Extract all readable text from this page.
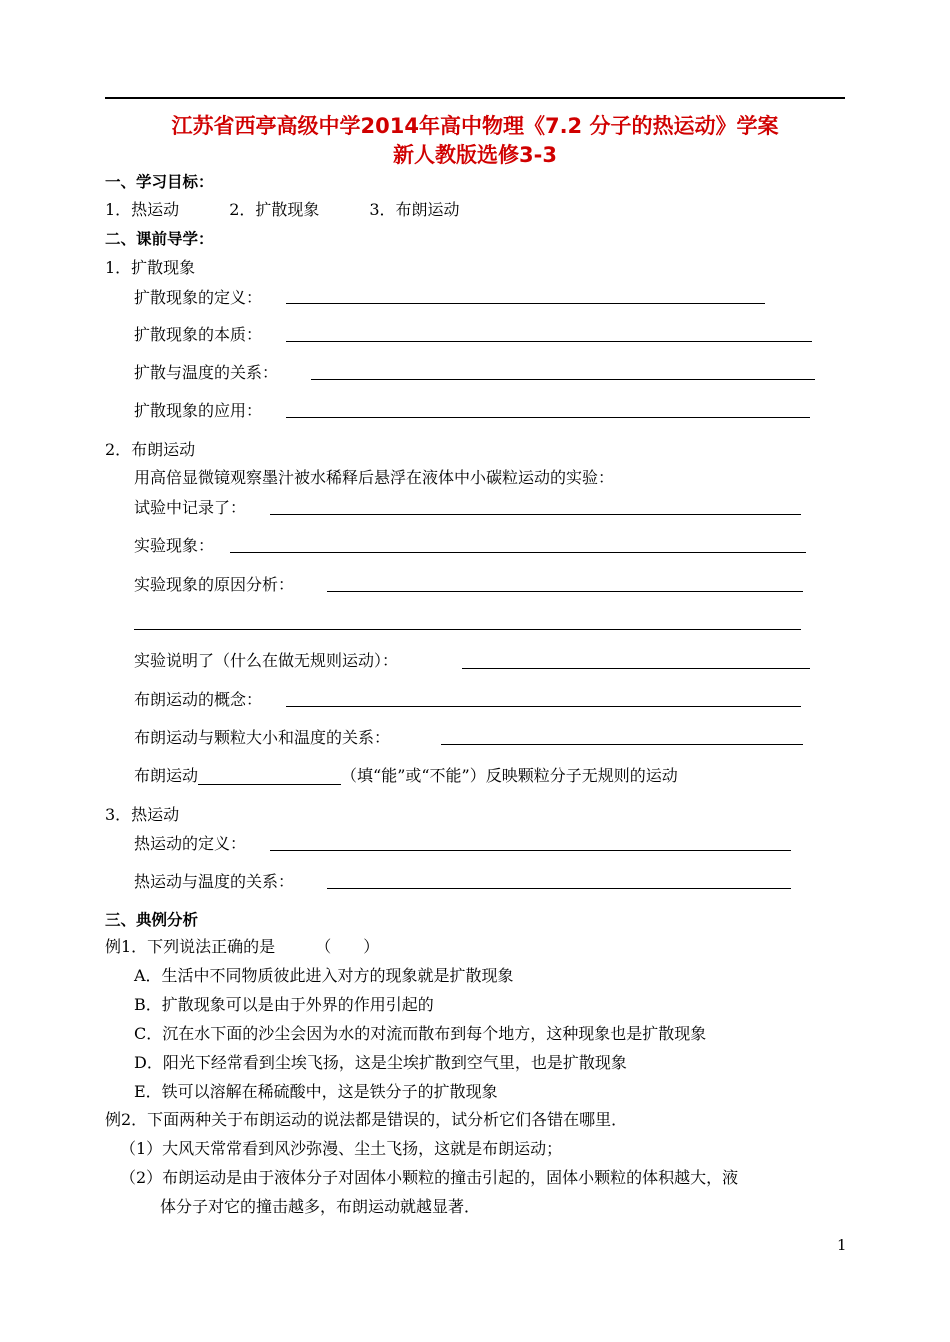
江苏省西亭高级中学2014年高中物理《7.2 分子的热运动》学案
新人教版选修3-3
一、学习目标：
1．热运动	2．扩散现象	3．布朗运动
二、课前导学：
1．扩散现象
扩散现象的定义：
扩散现象的本质：
扩散与温度的关系：
扩散现象的应用：
2．布朗运动
用高倍显微镜观察墨汁被水稀释后悬浮在液体中小碳粒运动的实验：
试验中记录了：
实验现象：
实验现象的原因分析：
实验说明了（什么在做无规则运动）：
布朗运动的概念：
布朗运动与颗粒大小和温度的关系：
布朗运动	（填“能”或“不能”）反映颗粒分子无规则的运动
3．热运动
热运动的定义：
热运动与温度的关系：
三、典例分析
例1．下列说法正确的是	（　　）
A．生活中不同物质彼此进入对方的现象就是扩散现象
B．扩散现象可以是由于外界的作用引起的
C．沉在水下面的沙尘会因为水的对流而散布到每个地方，这种现象也是扩散现象
D．阳光下经常看到尘埃飞扬，这是尘埃扩散到空气里，也是扩散现象
E．铁可以溶解在稀硫酸中，这是铁分子的扩散现象
例2．下面两种关于布朗运动的说法都是错误的，试分析它们各错在哪里．
（1）大风天常常看到风沙弥漫、尘土飞扬，这就是布朗运动；
（2）布朗运动是由于液体分子对固体小颗粒的撞击引起的，固体小颗粒的体积越大，液
体分子对它的撞击越多，布朗运动就越显著．
1
